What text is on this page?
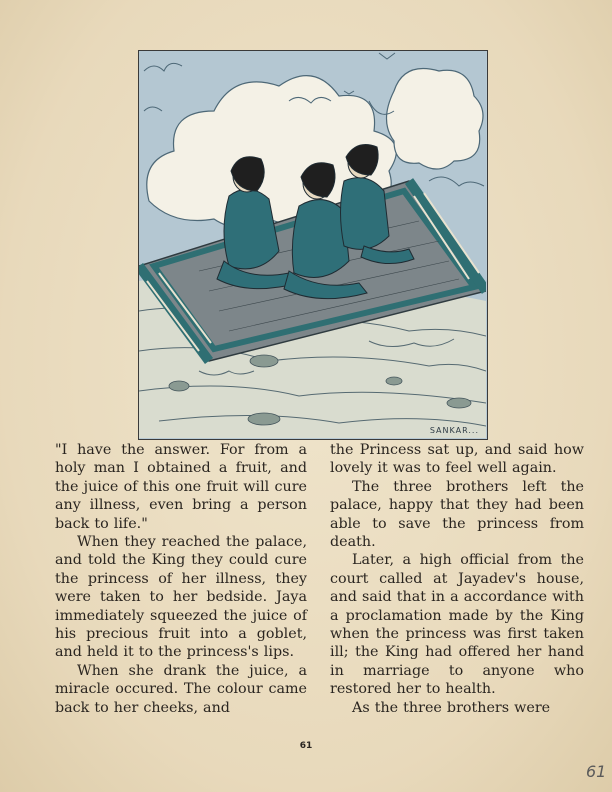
SANKAR...

"I have the answer. For from a holy man I obtained a fruit, and the juice of this one fruit will cure any illness, even bring a person back to life."

When they reached the palace, and told the King they could cure the princess of her illness, they were taken to her bedside. Jaya immediately squeezed the juice of his precious fruit into a goblet, and held it to the princess's lips.

When she drank the juice, a miracle occured. The colour came back to her cheeks, and

the Princess sat up, and said how lovely it was to feel well again.

The three brothers left the palace, happy that they had been able to save the princess from death.

Later, a high official from the court called at Jayadev's house, and said that in a accordance with a proclamation made by the King when the princess was first taken ill; the King had offered her hand in marriage to anyone who restored her to health.

As the three brothers were

61
61
